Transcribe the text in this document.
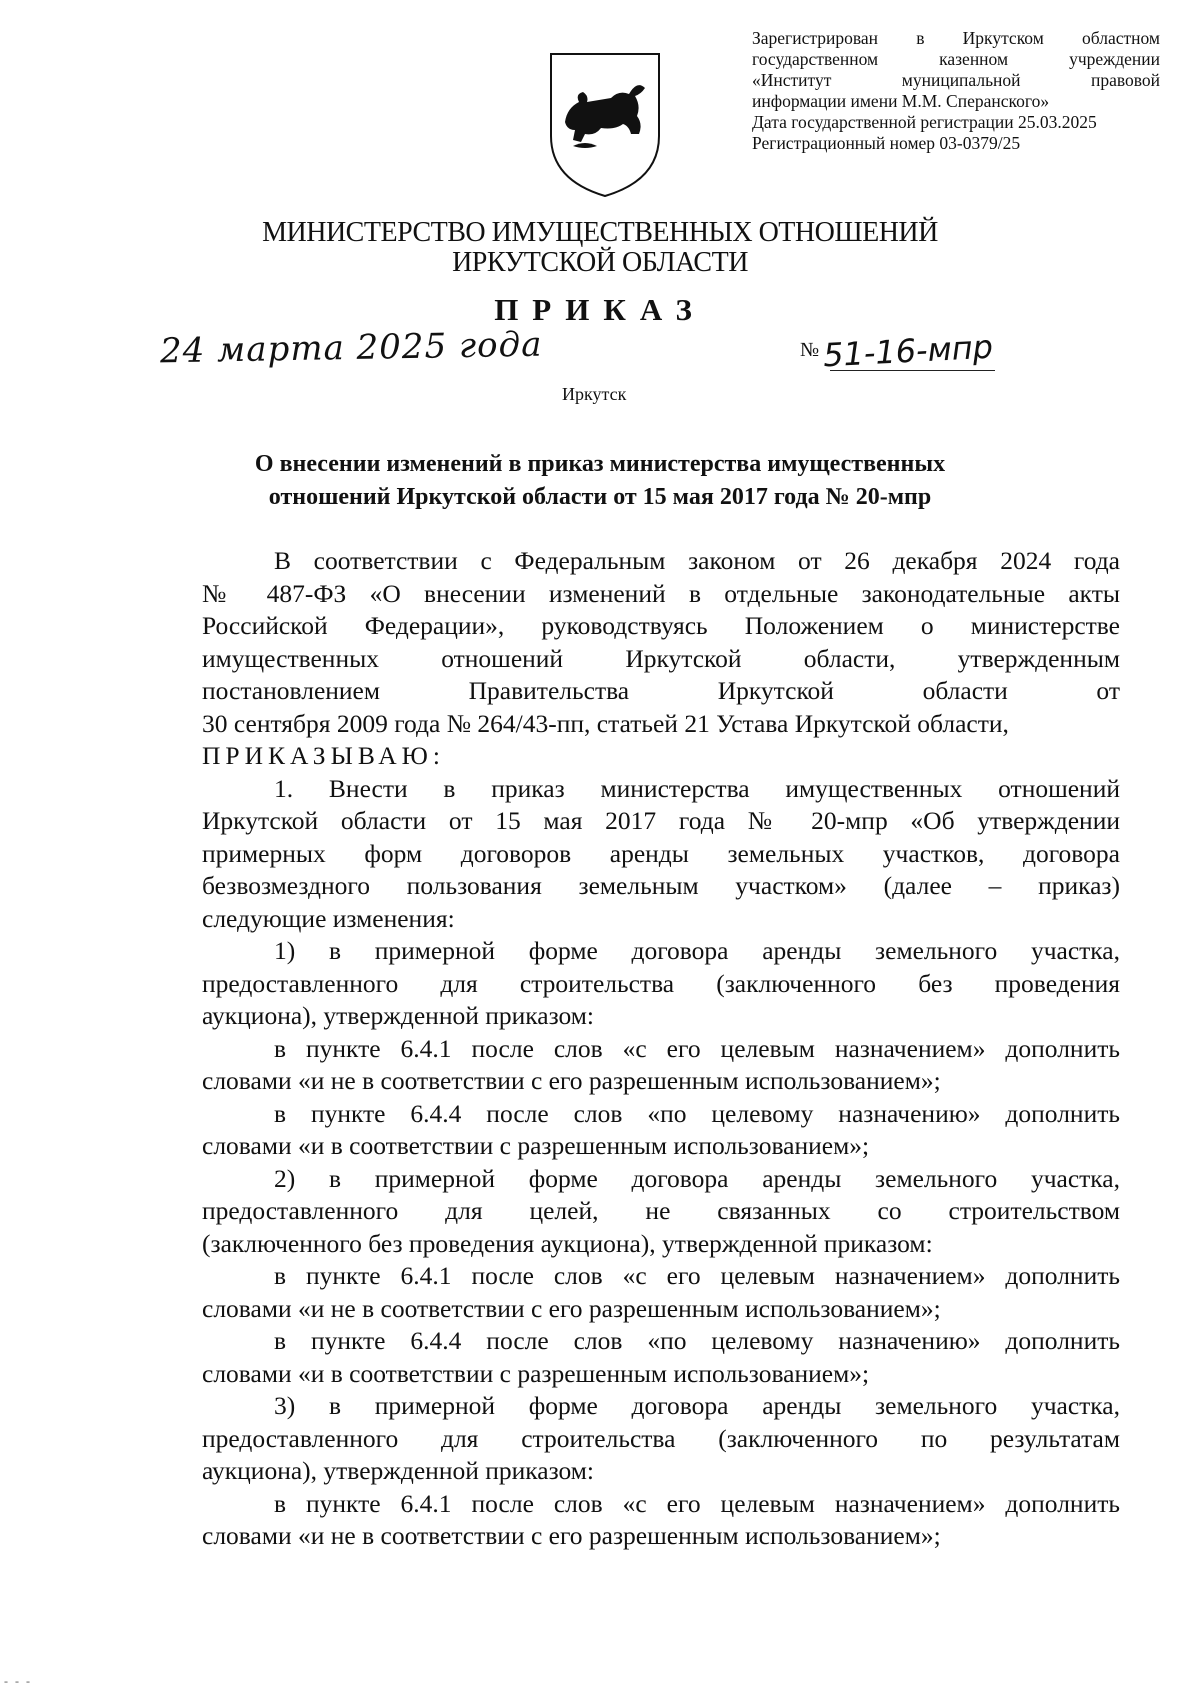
Зарегистрирован в Иркутском областном
государственном казенном учреждении
«Институт муниципальной правовой
информации имени М.М. Сперанского»
Дата государственной регистрации 25.03.2025
Регистрационный номер 03-0379/25
МИНИСТЕРСТВО ИМУЩЕСТВЕННЫХ ОТНОШЕНИЙ
ИРКУТСКОЙ ОБЛАСТИ
ПРИКАЗ
24 марта 2025 года	№ 51-16-мпр
Иркутск
О внесении изменений в приказ министерства имущественных
отношений Иркутской области от 15 мая 2017 года № 20-мпр
В соответствии с Федеральным законом от 26 декабря 2024 года
№ 487-ФЗ «О внесении изменений в отдельные законодательные акты
Российской Федерации», руководствуясь Положением о министерстве
имущественных отношений Иркутской области, утвержденным
постановлением Правительства Иркутской области от
30 сентября 2009 года № 264/43-пп, статьей 21 Устава Иркутской области,
ПРИКАЗЫВАЮ:
1. Внести в приказ министерства имущественных отношений
Иркутской области от 15 мая 2017 года № 20-мпр «Об утверждении
примерных форм договоров аренды земельных участков, договора
безвозмездного пользования земельным участком» (далее – приказ)
следующие изменения:
1) в примерной форме договора аренды земельного участка,
предоставленного для строительства (заключенного без проведения
аукциона), утвержденной приказом:
в пункте 6.4.1 после слов «с его целевым назначением» дополнить
словами «и не в соответствии с его разрешенным использованием»;
в пункте 6.4.4 после слов «по целевому назначению» дополнить
словами «и в соответствии с разрешенным использованием»;
2) в примерной форме договора аренды земельного участка,
предоставленного для целей, не связанных со строительством
(заключенного без проведения аукциона), утвержденной приказом:
в пункте 6.4.1 после слов «с его целевым назначением» дополнить
словами «и не в соответствии с его разрешенным использованием»;
в пункте 6.4.4 после слов «по целевому назначению» дополнить
словами «и в соответствии с разрешенным использованием»;
3) в примерной форме договора аренды земельного участка,
предоставленного для строительства (заключенного по результатам
аукциона), утвержденной приказом:
в пункте 6.4.1 после слов «с его целевым назначением» дополнить
словами «и не в соответствии с его разрешенным использованием»;
- - -
